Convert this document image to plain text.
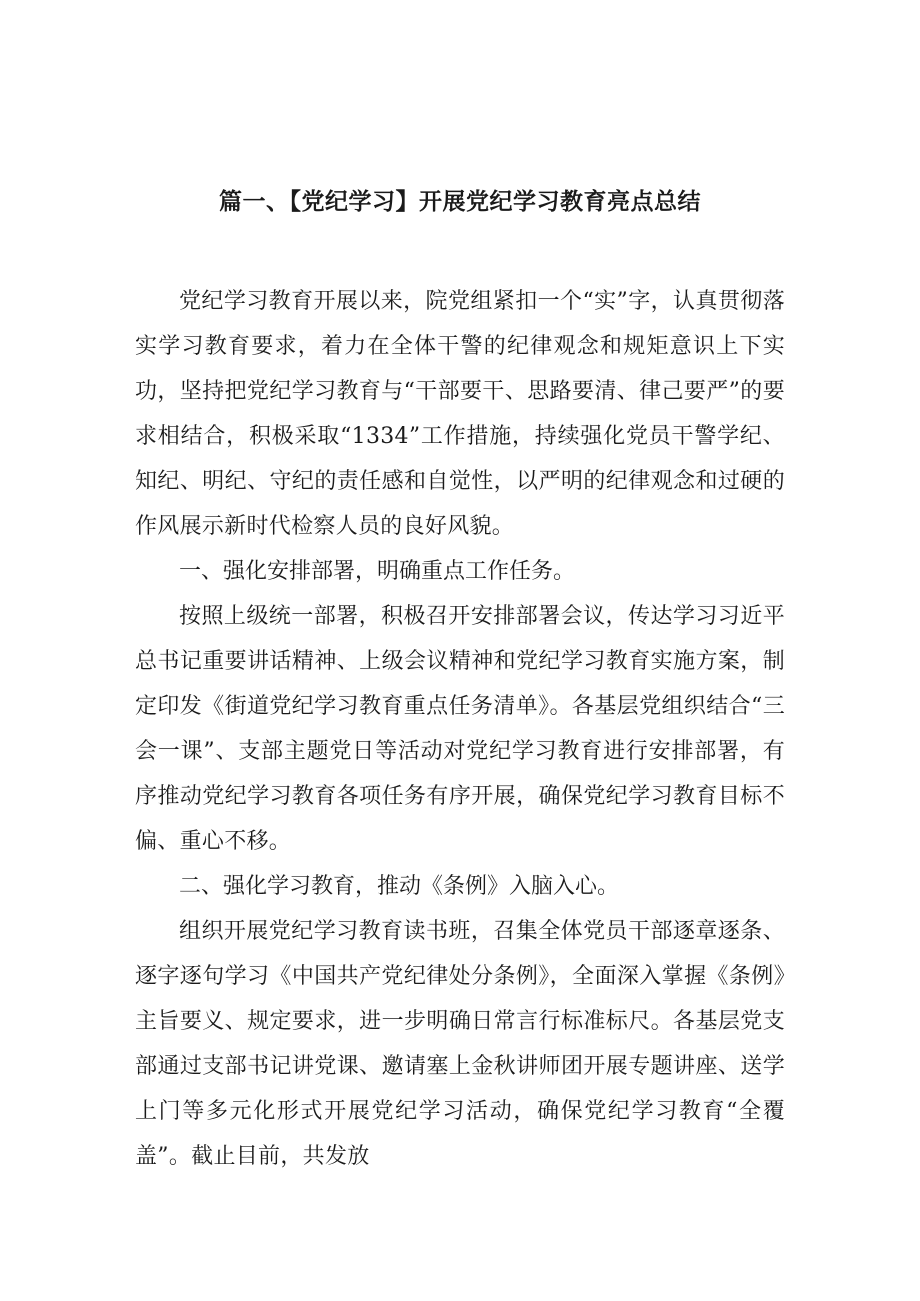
篇一、【党纪学习】开展党纪学习教育亮点总结

党纪学习教育开展以来，院党组紧扣一个“实”字，认真贯彻落实学习教育要求，着力在全体干警的纪律观念和规矩意识上下实功，坚持把党纪学习教育与“干部要干、思路要清、律己要严”的要求相结合，积极采取“1334”工作措施，持续强化党员干警学纪、知纪、明纪、守纪的责任感和自觉性，以严明的纪律观念和过硬的作风展示新时代检察人员的良好风貌。

一、强化安排部署，明确重点工作任务。

按照上级统一部署，积极召开安排部署会议，传达学习习近平总书记重要讲话精神、上级会议精神和党纪学习教育实施方案，制定印发《街道党纪学习教育重点任务清单》。各基层党组织结合“三会一课”、支部主题党日等活动对党纪学习教育进行安排部署，有序推动党纪学习教育各项任务有序开展，确保党纪学习教育目标不偏、重心不移。

二、强化学习教育，推动《条例》入脑入心。

组织开展党纪学习教育读书班，召集全体党员干部逐章逐条、逐字逐句学习《中国共产党纪律处分条例》，全面深入掌握《条例》主旨要义、规定要求，进一步明确日常言行标准标尺。各基层党支部通过支部书记讲党课、邀请塞上金秋讲师团开展专题讲座、送学上门等多元化形式开展党纪学习活动，确保党纪学习教育“全覆盖”。截止目前，共发放
